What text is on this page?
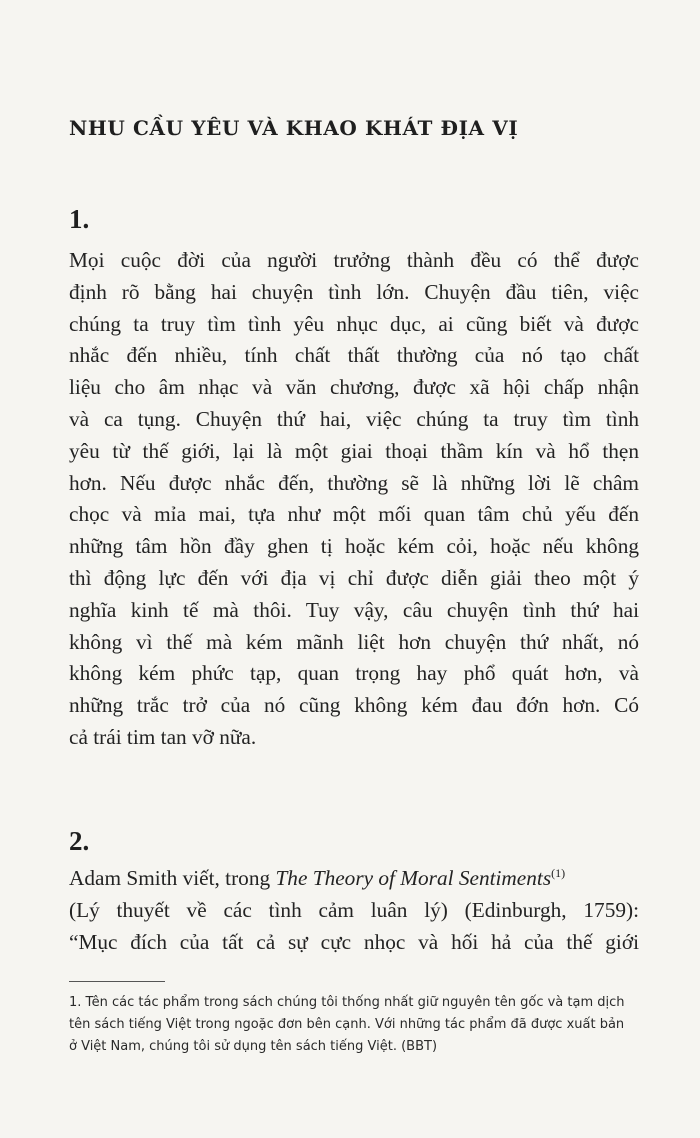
NHU CẦU YÊU VÀ KHAO KHÁT ĐỊA VỊ
1.

Mọi cuộc đời của người trưởng thành đều có thể được
định rõ bằng hai chuyện tình lớn. Chuyện đầu tiên, việc
chúng ta truy tìm tình yêu nhục dục, ai cũng biết và được
nhắc đến nhiều, tính chất thất thường của nó tạo chất
liệu cho âm nhạc và văn chương, được xã hội chấp nhận
và ca tụng. Chuyện thứ hai, việc chúng ta truy tìm tình
yêu từ thế giới, lại là một giai thoại thầm kín và hổ thẹn
hơn. Nếu được nhắc đến, thường sẽ là những lời lẽ châm
chọc và mỉa mai, tựa như một mối quan tâm chủ yếu đến
những tâm hồn đầy ghen tị hoặc kém cỏi, hoặc nếu không
thì động lực đến với địa vị chỉ được diễn giải theo một ý
nghĩa kinh tế mà thôi. Tuy vậy, câu chuyện tình thứ hai
không vì thế mà kém mãnh liệt hơn chuyện thứ nhất, nó
không kém phức tạp, quan trọng hay phổ quát hơn, và
những trắc trở của nó cũng không kém đau đớn hơn. Có
cả trái tim tan vỡ nữa.

2.

Adam Smith viết, trong The Theory of Moral Sentiments$^{(1)}$
(Lý thuyết về các tình cảm luân lý) (Edinburgh, 1759):
“Mục đích của tất cả sự cực nhọc và hối hả của thế giới

1. Tên các tác phẩm trong sách chúng tôi thống nhất giữ nguyên tên gốc và tạm dịch
tên sách tiếng Việt trong ngoặc đơn bên cạnh. Với những tác phẩm đã được xuất bản
ở Việt Nam, chúng tôi sử dụng tên sách tiếng Việt. (BBT)
